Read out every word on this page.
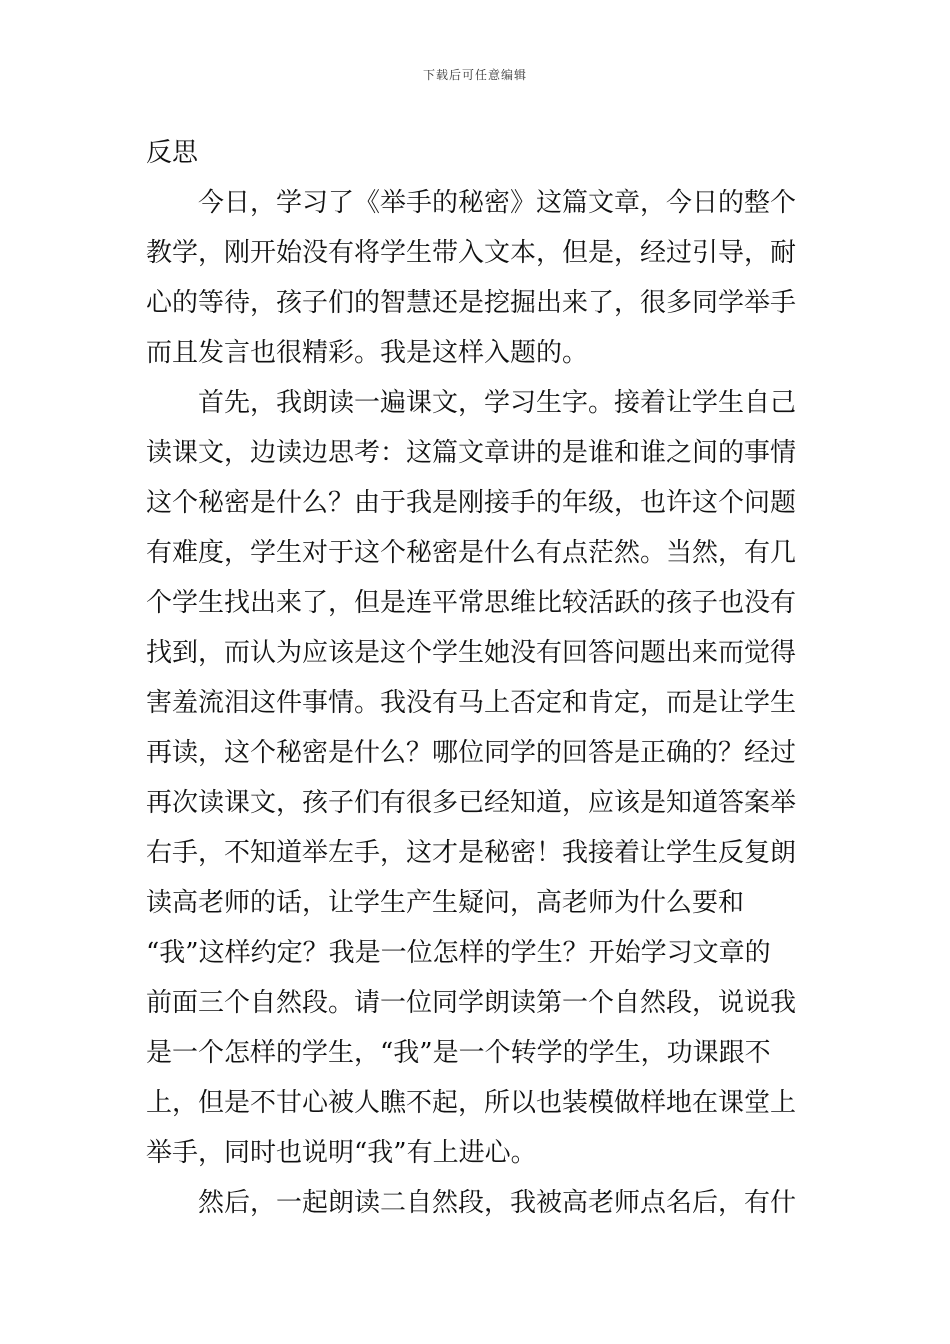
下载后可任意编辑
反思

今日，学习了《举手的秘密》这篇文章，今日的整个
教学，刚开始没有将学生带入文本，但是，经过引导，耐
心的等待，孩子们的智慧还是挖掘出来了，很多同学举手
而且发言也很精彩。我是这样入题的。

首先，我朗读一遍课文，学习生字。接着让学生自己
读课文，边读边思考：这篇文章讲的是谁和谁之间的事情
这个秘密是什么？由于我是刚接手的年级，也许这个问题
有难度，学生对于这个秘密是什么有点茫然。当然，有几
个学生找出来了，但是连平常思维比较活跃的孩子也没有
找到，而认为应该是这个学生她没有回答问题出来而觉得
害羞流泪这件事情。我没有马上否定和肯定，而是让学生
再读，这个秘密是什么？哪位同学的回答是正确的？经过
再次读课文，孩子们有很多已经知道，应该是知道答案举
右手，不知道举左手，这才是秘密！我接着让学生反复朗
读高老师的话，让学生产生疑问，高老师为什么要和
“我”这样约定？我是一位怎样的学生？开始学习文章的
前面三个自然段。请一位同学朗读第一个自然段，说说我
是一个怎样的学生，“我”是一个转学的学生，功课跟不
上，但是不甘心被人瞧不起，所以也装模做样地在课堂上
举手，同时也说明“我”有上进心。

然后，一起朗读二自然段，我被高老师点名后，有什
